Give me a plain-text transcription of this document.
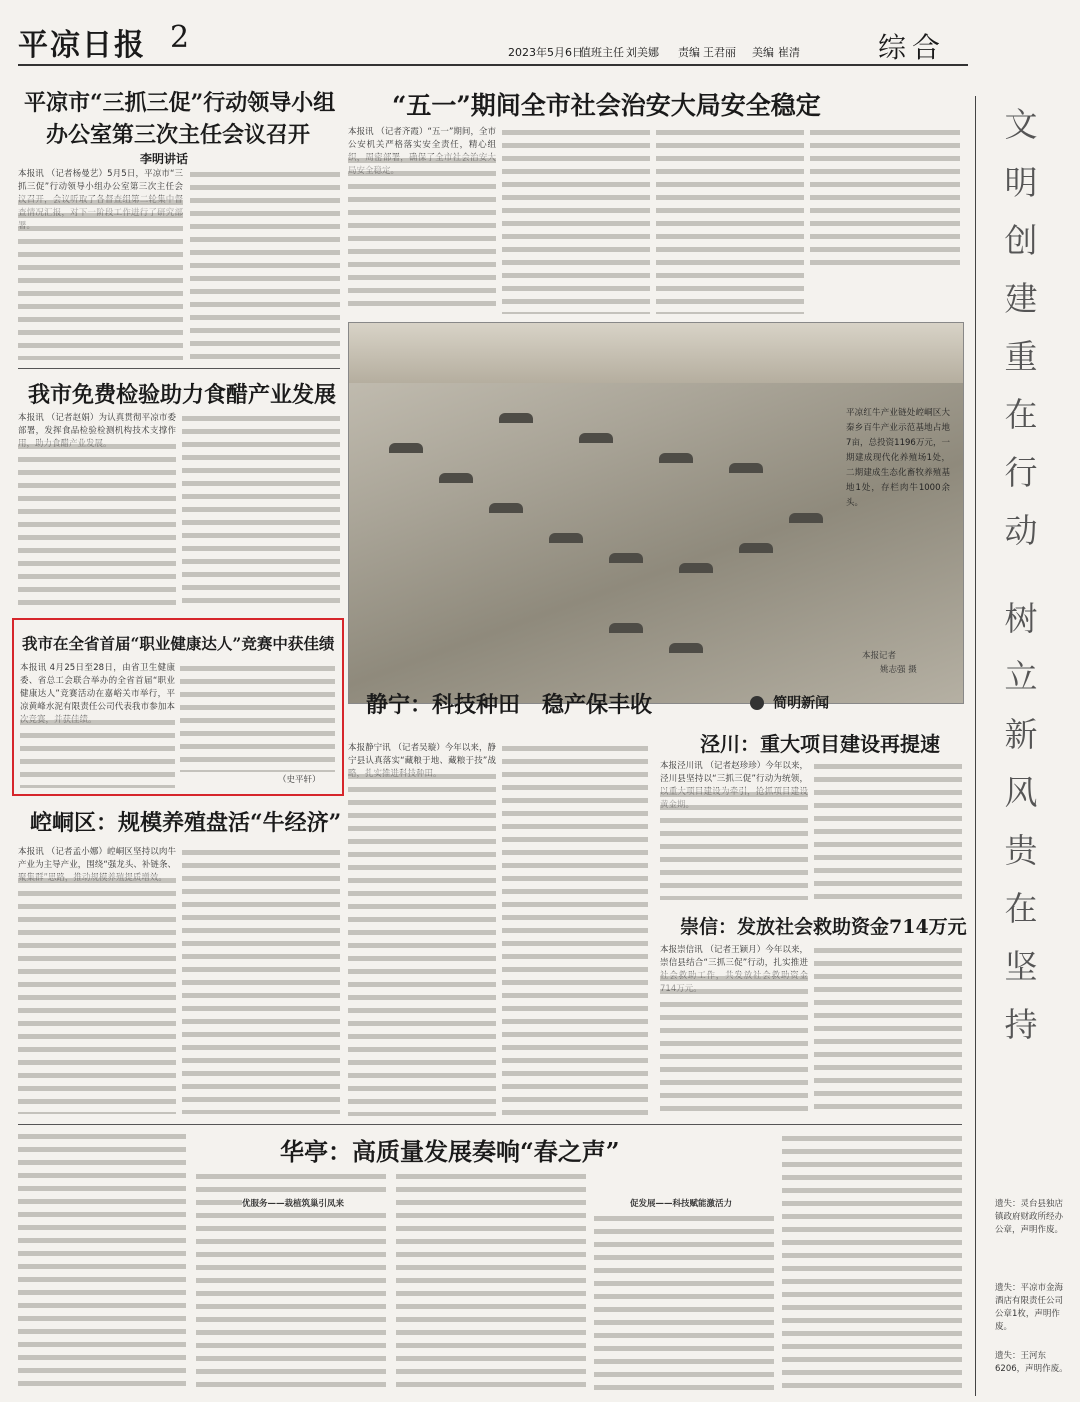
平凉日报 2	2023年5月6日
值班主任 刘美娜 责编 王君丽 美编 崔清	综合
文
明
创
建
重
在
行
动
树
立
新
风
贵
在
坚
持
平凉市“三抓三促”行动领导小组
办公室第三次主任会议召开
李明讲话
本报讯 （记者杨曼艺）5月5日，平凉市“三抓三促”行动领导小组办公室第三次主任会
“五一”期间全市社会治安大局安全稳定
本报讯 （记者齐霞）“五一”期间，全市公安机关严格落实安全责任，精心组
我市免费检验助力食醋产业发展
本报讯 （记者赵娟）为认真贯彻平凉市委部署，发挥食品检验检测机构技术支撑作
我市在全省首届“职业健康达人”竞赛中获佳绩
本报讯 4月25日至28日，由省卫生健康委、省总工会联合举办的全省首届“职业健康达人”竞赛活动在嘉峪关市举行，平凉黄峰水泥有限责任公司代表我市参加本
（史平轩）
崆峒区：规模养殖盘活“牛经济”
本报讯 （记者孟小娜）崆峒区坚持以肉牛产业为主导产业，围绕“强龙头、补链条、
平凉红牛产业链处崆峒区大秦乡百牛产业示范基地占地7亩，总投资1196万元，一期建成现代化养殖场1处，二期建成生态化畜牧养殖基地1处，存栏肉牛1000余头。
本报记者
姚志强 摄
静宁：科技种田　稳产保丰收
本报静宁讯 （记者吴璇）今年以来，静宁县认真落实“藏粮于地、藏粮于技”战
简明新闻
泾川：重大项目建设再提速
本报泾川讯 （记者赵珍珍）今年以来，泾川县坚持以“三抓三促”行动为统领，
崇信：发放社会救助资金714万元
本报崇信讯 （记者王颖月）今年以来，崇信县结合“三抓三促”行动，扎实推进
华亭：高质量发展奏响“春之声”
优服务——栽植筑巢引凤来	促发展——科技赋能激活力	遗失：灵台县独店镇政府财政所经办公章，声明作废。
遗失：平凉市金海酒店有限责任公司公章1枚，声明作废。
遗失：王河东6206，声明作废。
